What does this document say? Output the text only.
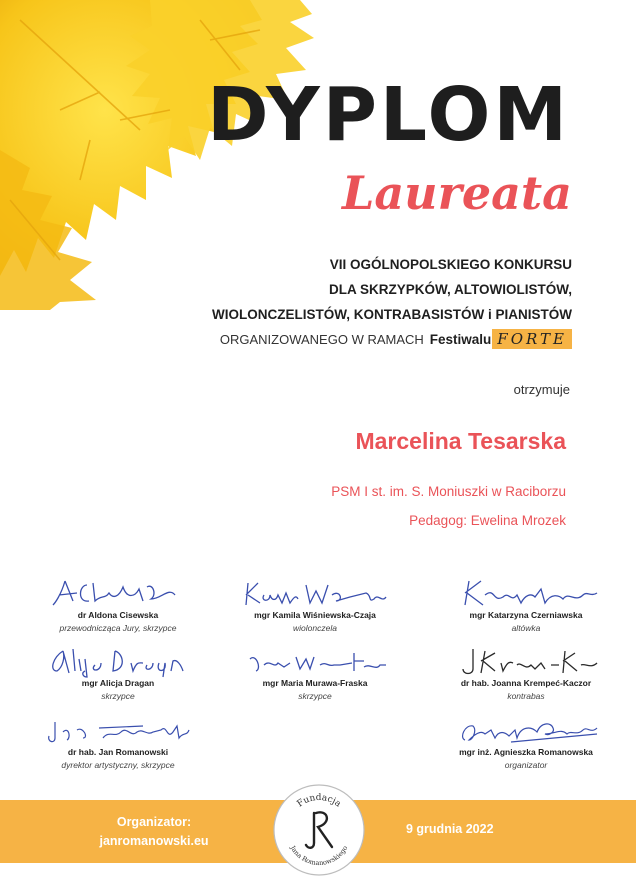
DYPLOM
Laureata
VII OGÓLNOPOLSKIEGO KONKURSU
DLA SKRZYPKÓW, ALTOWIOLISTÓW,
WIOLONCZELISTÓW, KONTRABASISTÓW i PIANISTÓW
ORGANIZOWANEGO W RAMACH Festiwalu FORTE
otrzymuje
Marcelina Tesarska
PSM I st. im. S. Moniuszki w Raciborzu
Pedagog: Ewelina Mrozek
dr Aldona Cisewska
przewodnicząca Jury, skrzypce
mgr Kamila Wiśniewska-Czaja
wiolonczela
mgr Katarzyna Czerniawska
altówka
mgr Alicja Dragan
skrzypce
mgr Maria Murawa-Fraska
skrzypce
dr hab. Joanna Krempeć-Kaczor
kontrabas
dr hab. Jan Romanowski
dyrektor artystyczny, skrzypce
mgr inż. Agnieszka Romanowska
organizator
Organizator:
janromanowski.eu
9 grudnia 2022
Fundacja
Jana Romanowskiego
